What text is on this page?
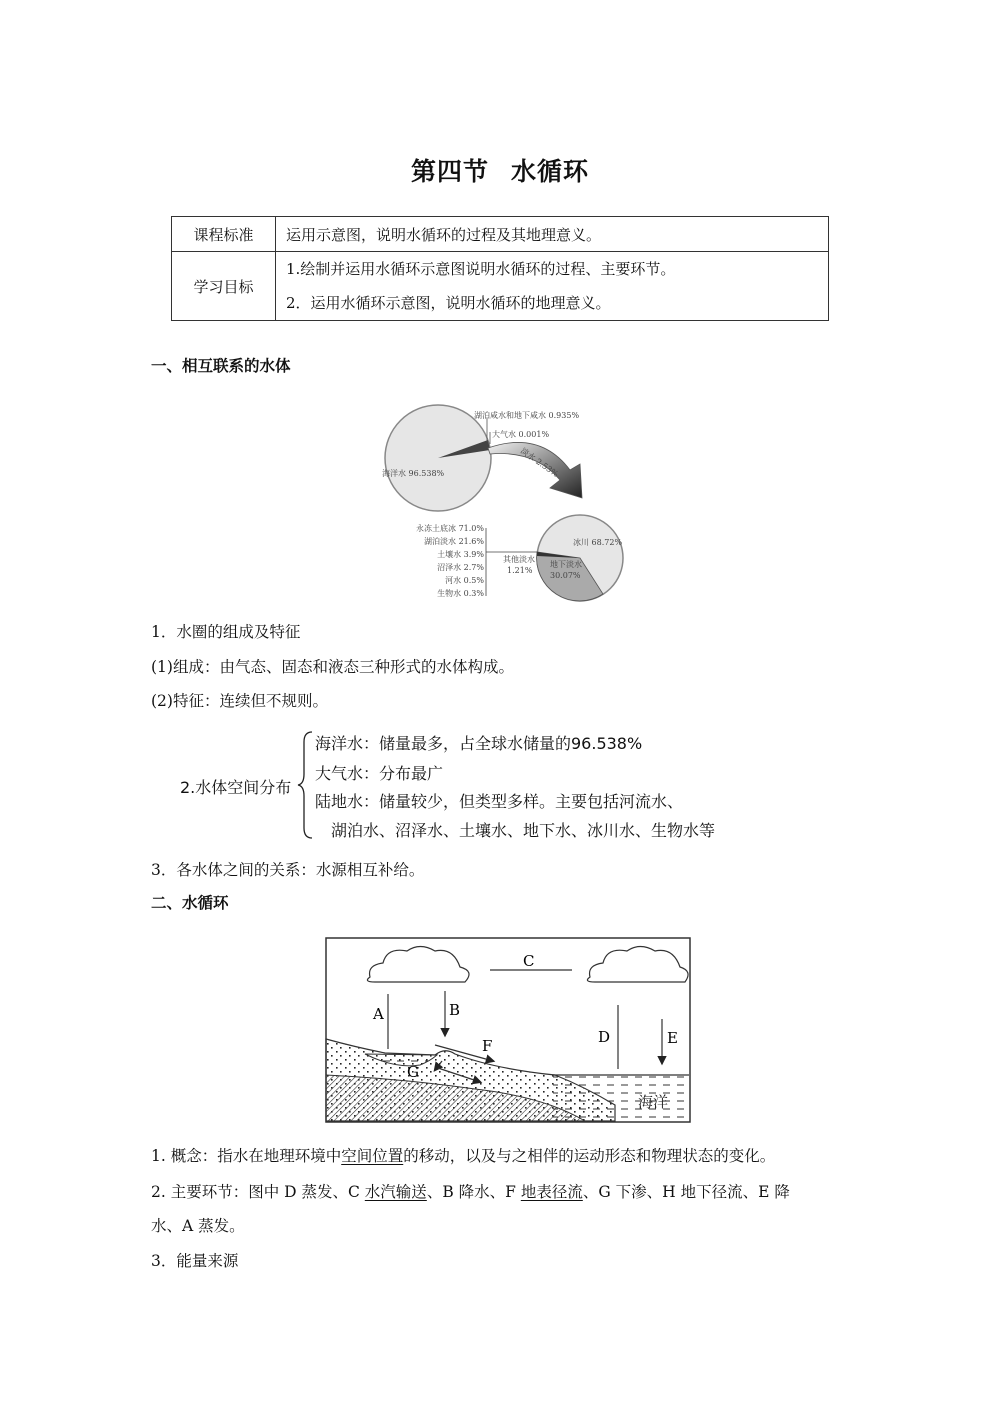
第四节 水循环
课程标准	运用示意图，说明水循环的过程及其地理意义。
学习目标	1.绘制并运用水循环示意图说明水循环的过程、主要环节。
2．运用水循环示意图，说明水循环的地理意义。
一、相互联系的水体
湖泊咸水和地下咸水 0.935%
大气水 0.001%
海洋水 96.538%	淡水 2.53%
冰川 68.72%
地下淡水
30.07%
其他淡水
1.21%
永冻土底冰 71.0%
湖泊淡水 21.6%
土壤水 3.9%
沼泽水 2.7%
河水 0.5%
生物水 0.3%
1．水圈的组成及特征
(1)组成：由气态、固态和液态三种形式的水体构成。
(2)特征：连续但不规则。
2.水体空间分布
海洋水：储量最多，占全球水储量的96.538%
大气水：分布最广
陆地水：储量较少，但类型多样。主要包括河流水、
湖泊水、沼泽水、土壤水、地下水、冰川水、生物水等
3．各水体之间的关系：水源相互补给。
二、水循环
海洋
C
A	B
F
G
D	E
1. 概念：指水在地理环境中空间位置的移动，以及与之相伴的运动形态和物理状态的变化。
2. 主要环节：图中 D 蒸发、C 水汽输送、B 降水、F 地表径流、G 下渗、H 地下径流、E 降
水、A 蒸发。
3．能量来源
